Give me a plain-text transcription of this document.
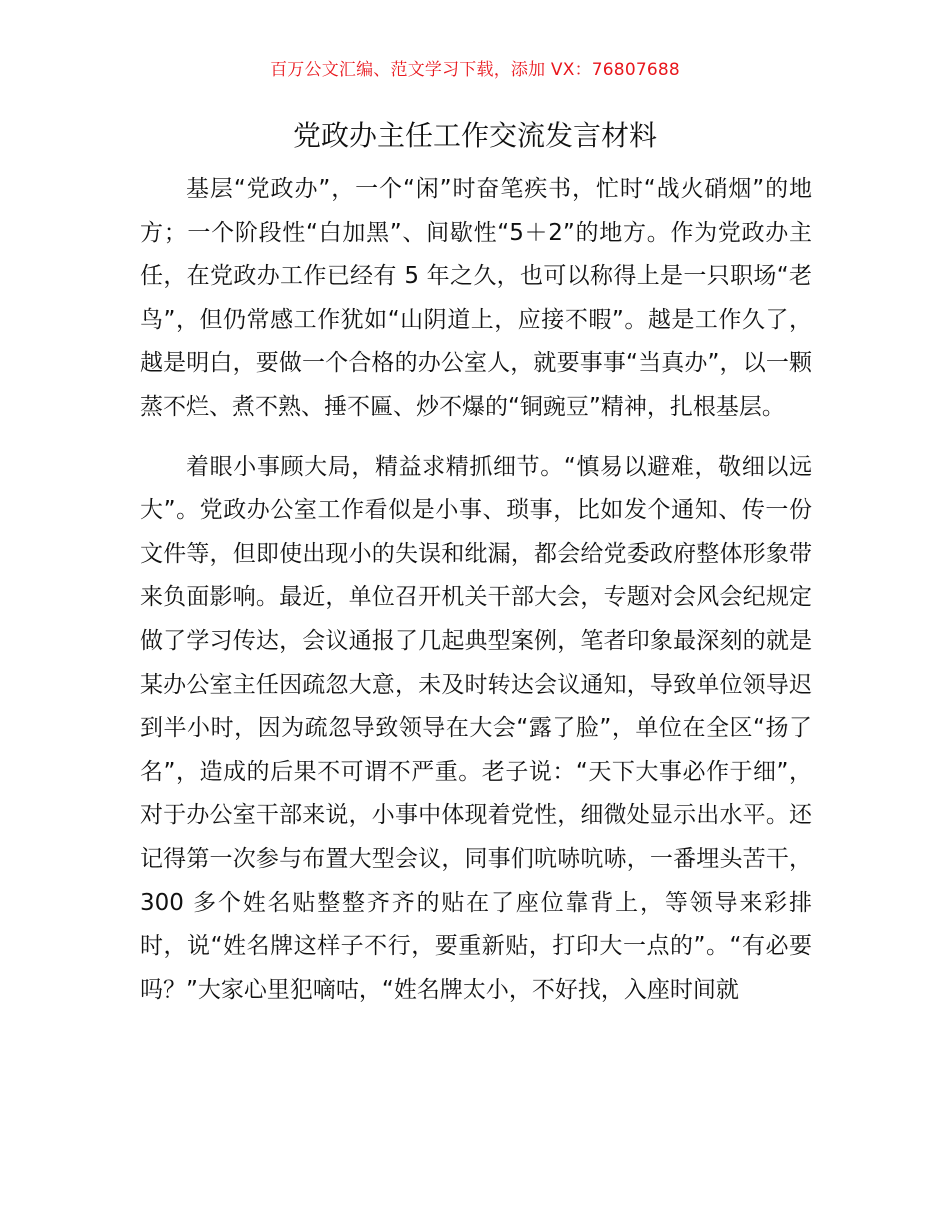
百万公文汇编、范文学习下载，添加 VX：76807688
党政办主任工作交流发言材料

基层“党政办”，一个“闲”时奋笔疾书，忙时“战火硝烟”的地方；一个阶段性“白加黑”、间歇性“5＋2”的地方。作为党政办主任，在党政办工作已经有 5 年之久，也可以称得上是一只职场“老鸟”，但仍常感工作犹如“山阴道上，应接不暇”。越是工作久了，越是明白，要做一个合格的办公室人，就要事事“当真办”，以一颗蒸不烂、煮不熟、捶不匾、炒不爆的“铜豌豆”精神，扎根基层。

着眼小事顾大局，精益求精抓细节。“慎易以避难，敬细以远大”。党政办公室工作看似是小事、琐事，比如发个通知、传一份文件等，但即使出现小的失误和纰漏，都会给党委政府整体形象带来负面影响。最近，单位召开机关干部大会，专题对会风会纪规定做了学习传达，会议通报了几起典型案例，笔者印象最深刻的就是某办公室主任因疏忽大意，未及时转达会议通知，导致单位领导迟到半小时，因为疏忽导致领导在大会“露了脸”，单位在全区“扬了名”，造成的后果不可谓不严重。老子说：“天下大事必作于细”，对于办公室干部来说，小事中体现着党性，细微处显示出水平。还记得第一次参与布置大型会议，同事们吭哧吭哧，一番埋头苦干，300 多个姓名贴整整齐齐的贴在了座位靠背上，等领导来彩排时，说“姓名牌这样子不行，要重新贴，打印大一点的”。“有必要吗？”大家心里犯嘀咕，“姓名牌太小，不好找，入座时间就
